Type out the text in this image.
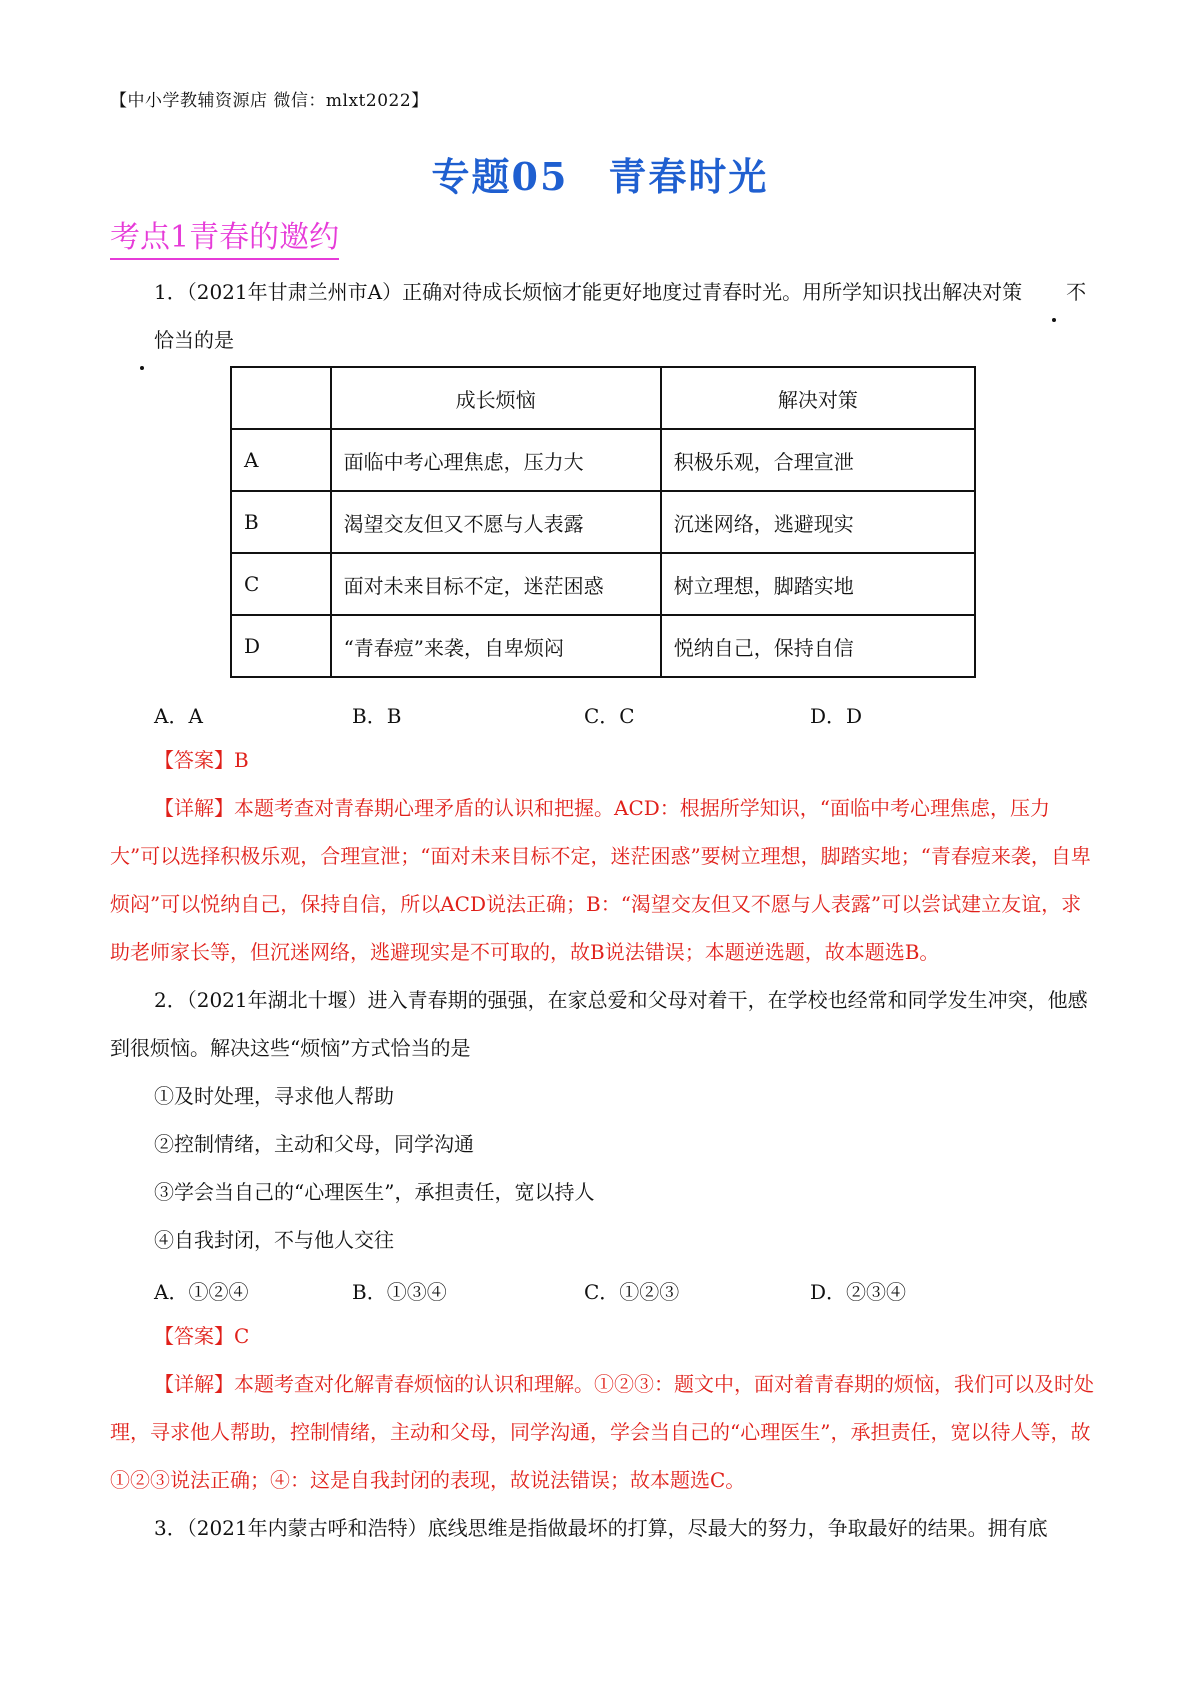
【中小学教辅资源店 微信：mlxt2022】
专题05　青春时光
考点1青春的邀约
1．（2021年甘肃兰州市A）正确对待成长烦恼才能更好地度过青春时光。用所学知识找出解决对策 不恰当的是
	成长烦恼	解决对策
A	面临中考心理焦虑，压力大	积极乐观，合理宣泄
B	渴望交友但又不愿与人表露	沉迷网络，逃避现实
C	面对未来目标不定，迷茫困惑	树立理想，脚踏实地
D	“青春痘”来袭，自卑烦闷	悦纳自己，保持自信
A．A	B．B	C．C	D．D
【答案】B
【详解】本题考查对青春期心理矛盾的认识和把握。ACD：根据所学知识，“面临中考心理焦虑，压力大”可以选择积极乐观，合理宣泄；“面对未来目标不定，迷茫困惑”要树立理想，脚踏实地；“青春痘来袭，自卑烦闷”可以悦纳自己，保持自信，所以ACD说法正确；B：“渴望交友但又不愿与人表露”可以尝试建立友谊，求助老师家长等，但沉迷网络，逃避现实是不可取的，故B说法错误；本题逆选题，故本题选B。
2．（2021年湖北十堰）进入青春期的强强，在家总爱和父母对着干，在学校也经常和同学发生冲突，他感到很烦恼。解决这些“烦恼”方式恰当的是
①及时处理，寻求他人帮助
②控制情绪，主动和父母，同学沟通
③学会当自己的“心理医生”，承担责任，宽以持人
④自我封闭，不与他人交往
A．①②④	B．①③④	C．①②③	D．②③④
【答案】C
【详解】本题考查对化解青春烦恼的认识和理解。①②③：题文中，面对着青春期的烦恼，我们可以及时处理，寻求他人帮助，控制情绪，主动和父母，同学沟通，学会当自己的“心理医生”，承担责任，宽以待人等，故①②③说法正确；④：这是自我封闭的表现，故说法错误；故本题选C。
3．（2021年内蒙古呼和浩特）底线思维是指做最坏的打算，尽最大的努力，争取最好的结果。拥有底
